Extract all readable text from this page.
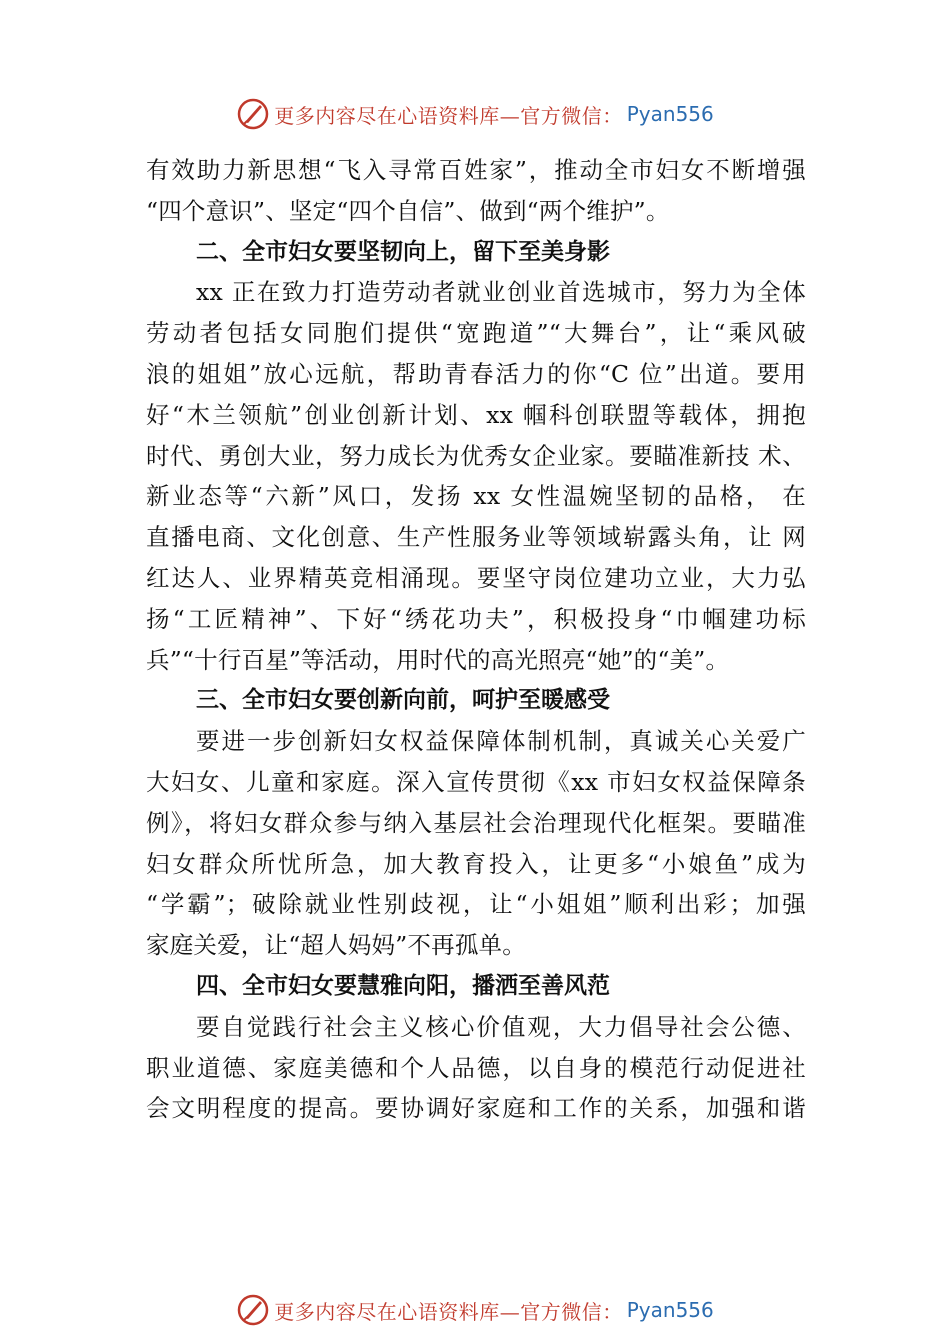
更多内容尽在心语资料库—官方微信： Pyan556
有效助力新思想“飞入寻常百姓家”，推动全市妇女不断增强
“四个意识”、坚定“四个自信”、做到“两个维护”。
二、全市妇女要坚韧向上，留下至美身影
xx 正在致力打造劳动者就业创业首选城市，努力为全体
劳动者包括女同胞们提供“宽跑道”“大舞台”，让“乘风破
浪的姐姐”放心远航，帮助青春活力的你“C 位”出道。要用
好“木兰领航”创业创新计划、xx 帼科创联盟等载体，拥抱
时代、勇创大业，努力成长为优秀女企业家。要瞄准新技 术、
新业态等“六新”风口，发扬 xx 女性温婉坚韧的品格， 在
直播电商、文化创意、生产性服务业等领域崭露头角，让 网
红达人、业界精英竞相涌现。要坚守岗位建功立业，大力弘
扬“工匠精神”、下好“绣花功夫”，积极投身“巾帼建功标
兵”“十行百星”等活动，用时代的高光照亮“她”的“美”。
三、全市妇女要创新向前，呵护至暖感受
要进一步创新妇女权益保障体制机制，真诚关心关爱广
大妇女、儿童和家庭。深入宣传贯彻《xx 市妇女权益保障条
例》，将妇女群众参与纳入基层社会治理现代化框架。要瞄准
妇女群众所忧所急，加大教育投入，让更多“小娘鱼”成为
“学霸”；破除就业性别歧视，让“小姐姐”顺利出彩；加强
家庭关爱，让“超人妈妈”不再孤单。
四、全市妇女要慧雅向阳，播洒至善风范
要自觉践行社会主义核心价值观，大力倡导社会公德、
职业道德、家庭美德和个人品德，以自身的模范行动促进社
会文明程度的提高。要协调好家庭和工作的关系，加强和谐
更多内容尽在心语资料库—官方微信： Pyan556
